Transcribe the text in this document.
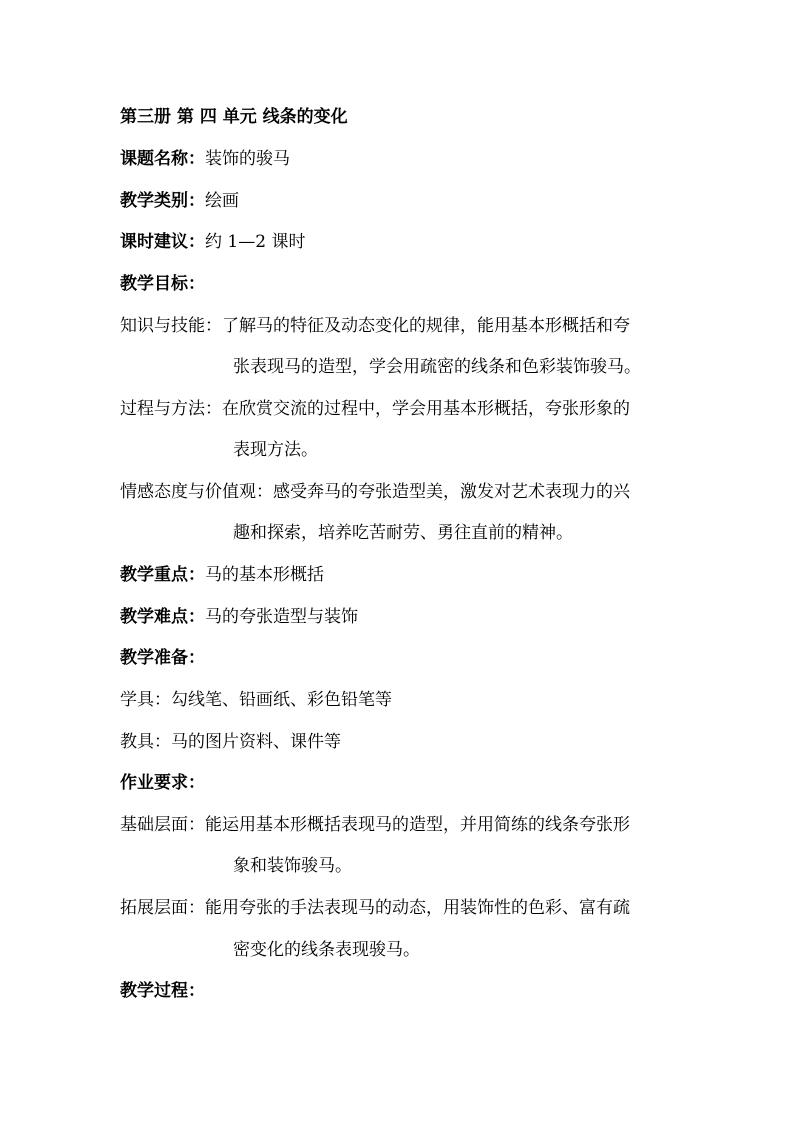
第三册 第 四 单元 线条的变化

课题名称：装饰的骏马

教学类别：绘画

课时建议：约 1—2 课时

教学目标：

知识与技能：了解马的特征及动态变化的规律，能用基本形概括和夸

张表现马的造型，学会用疏密的线条和色彩装饰骏马。

过程与方法：在欣赏交流的过程中，学会用基本形概括，夸张形象的

表现方法。

情感态度与价值观：感受奔马的夸张造型美，激发对艺术表现力的兴

趣和探索，培养吃苦耐劳、勇往直前的精神。

教学重点：马的基本形概括

教学难点：马的夸张造型与装饰

教学准备：

学具：勾线笔、铅画纸、彩色铅笔等

教具：马的图片资料、课件等

作业要求：

基础层面：能运用基本形概括表现马的造型，并用简练的线条夸张形

象和装饰骏马。

拓展层面：能用夸张的手法表现马的动态，用装饰性的色彩、富有疏

密变化的线条表现骏马。

教学过程：
